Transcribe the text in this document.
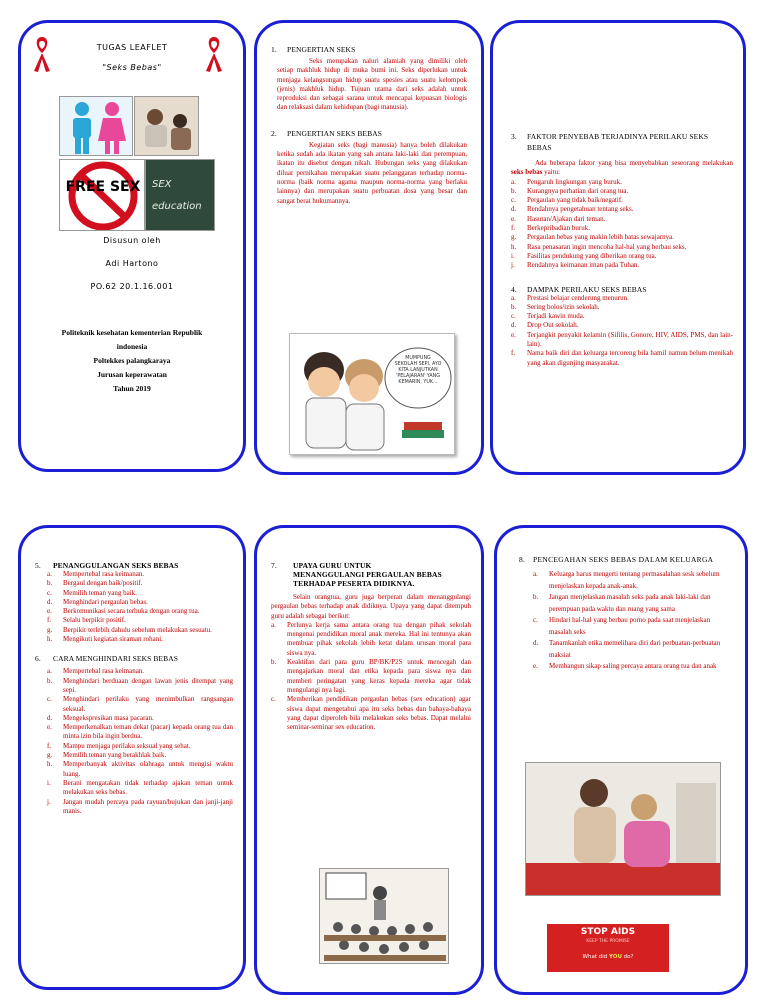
TUGAS LEAFLET
"Seks Bebas"
FREE SEX	SEX education
Disusun oleh
Adi Hartono
PO.62 20.1.16.001
Politeknik kesehatan kementerian Republik
indonesia
Poltekkes palangkaraya
Jurusan keperawatan
Tahun 2019
1. PENGERTIAN SEKS
Seks merupakan naluri alamiah yang dimiliki oleh setiap makhluk hidup di muka bumi ini. Seks diperlukan untuk menjaga kelangsungan hidup suatu spesies atau suatu kelompok (jenis) makhluk hidup. Tujuan utama dari seks adalah untuk reproduksi dan sebagai sarana untuk mencapai kepuasan biologis dan relaksasi dalam kehidupan (bagi manusia).
2. PENGERTIAN SEKS BEBAS
Kegiatan seks (bagi manusia) hanya boleh dilakukan ketika sudah ada ikatan yang sah antara laki-laki dan perempuan, ikatan itu disebut dengan nikah. Hubungan seks yang dilakukan diluar pernikahan merupakan suatu pelanggaran terhadap norma-norma (baik norma agama maupun norma-norma yang berlaku lainnya) dan merupakan suatu perbuatan dosa yang besar dan sangat berat hukumannya.
MUMPUNG SEKOLAH SEPI, AYO KITA LANJUTKAN 'PELAJARAN' YANG KEMARIN, YUK...
3. FAKTOR PENYEBAB TERJADINYA PERILAKU SEKS BEBAS
Ada beberapa faktor yang bisa menyebabkan seseorang melakukan seks bebas yaitu:
a. Pengaruh lingkungan yang buruk.
b. Kurangnya perhatian dari orang tua.
c. Pergaulan yang tidak baik/negatif.
d. Rendahnya pengetahuan tentang seks.
e. Hasutan/Ajakan dari teman.
f. Berkepribadian buruk.
g. Pergaulan bebas yang makin lebih batas sewajarnya.
h. Rasa penasaran ingin mencoba hal-hal yang berbau seks.
i. Fasilitas pendukung yang diberikan orang tua.
j. Rendahnya keimanan iman pada Tuhan.
4. DAMPAK PERILAKU SEKS BEBAS
a. Prestasi belajar cenderung menurun.
b. Sering bolos/izin sekolah.
c. Terjadi kawin muda.
d. Drop Out sekolah.
e. Terjangkit penyakit kelamin (Sifilis, Gonore, HIV, AIDS, PMS, dan lain-lain).
f. Nama baik diri dan keluarga tercoreng bila hamil namun belum menikah yang akan digunjing masyarakat.
5. PENANGGULANGAN SEKS BEBAS
a. Mempertebal rasa keimanan.
b. Bergaul dengan baik/positif.
c. Memilih teman yang baik.
d. Menghindari pergaulan bebas.
e. Berkomunikasi secara terbuka dengan orang tua.
f. Selalu berpikir positif.
g. Berpikir terlebih dahulu sebelum melakukan sesuatu.
h. Mengikuti kegiatan siraman rohani.
6. CARA MENGHINDARI SEKS BEBAS
a. Mempertebal rasa keimanan.
b. Menghindari berduaan dengan lawan jenis ditempat yang sepi.
c. Menghindari perilaku yang menimbulkan rangsangan seksual.
d. Mengekspresikan masa pacaran.
e. Memperkenalkan teman dekat (pacar) kepada orang tua dan minta izin bila ingin berdua.
f. Mampu menjaga perilaku seksual yang sehat.
g. Memilih teman yang berakhlak baik.
h. Memperbanyak aktivitas olahraga untuk mengisi waktu luang.
i. Berani mengatakan tidak terhadap ajakan teman untuk melakukan seks bebas.
j. Jangan mudah percaya pada rayuan/bujukan dan janji-janji manis.
7. UPAYA GURU UNTUK
MENANGGULANGI PERGAULAN BEBAS
TERHADAP PESERTA DIDIKNYA.
Selain orangtua, guru juga berperan dalam menanggulangi pergaulan bebas terhadap anak didiknya. Upaya yang dapat ditempuh guru adalah sebagai berikut:
a. Perlunya kerja sama antara orang tua dengan pihak sekolah mengenai pendidikan moral anak mereka. Hal ini tentunya akan membuat pihak sekolah lebih ketat dalam urusan moral para siswa nya.
b. Keaktifan dari para guru BP/BK/P2S untuk mencegah dan mengajarkan moral dan etika kepada para siswa nya dan memberi peringatan yang keras kepada mereka agar tidak mengulangi nya lagi.
c. Memberikan pendidikan pergaulan bebas (sex education) agar siswa dapat mengetahui apa itu seks bebas dan bahaya-bahaya yang dapat diperoleh bila melakukan seks bebas. Dapat melalui seminar-seminar sex education.
8. PENCEGAHAN SEKS BEBAS DALAM KELUARGA
a. Keluarga harus mengerti tentang permasalahan sesk sebelum menjelaskan kepada anak-anak.
b. Jangan menjelaskan masalah seks pada anak laki-laki dan perempuan pada waktu dan ruang yang sama
c. Hindari hal-hal yang berbau porno pada saat menjelaskan masalah seks
d. Tanamkanlah etika memelihara diri dari perbuatan-perbuatan maksiat
e. Membangun sikap saling percaya antara orang tua dan anak
STOP AIDS
KEEP THE PROMISE
What did YOU do?
